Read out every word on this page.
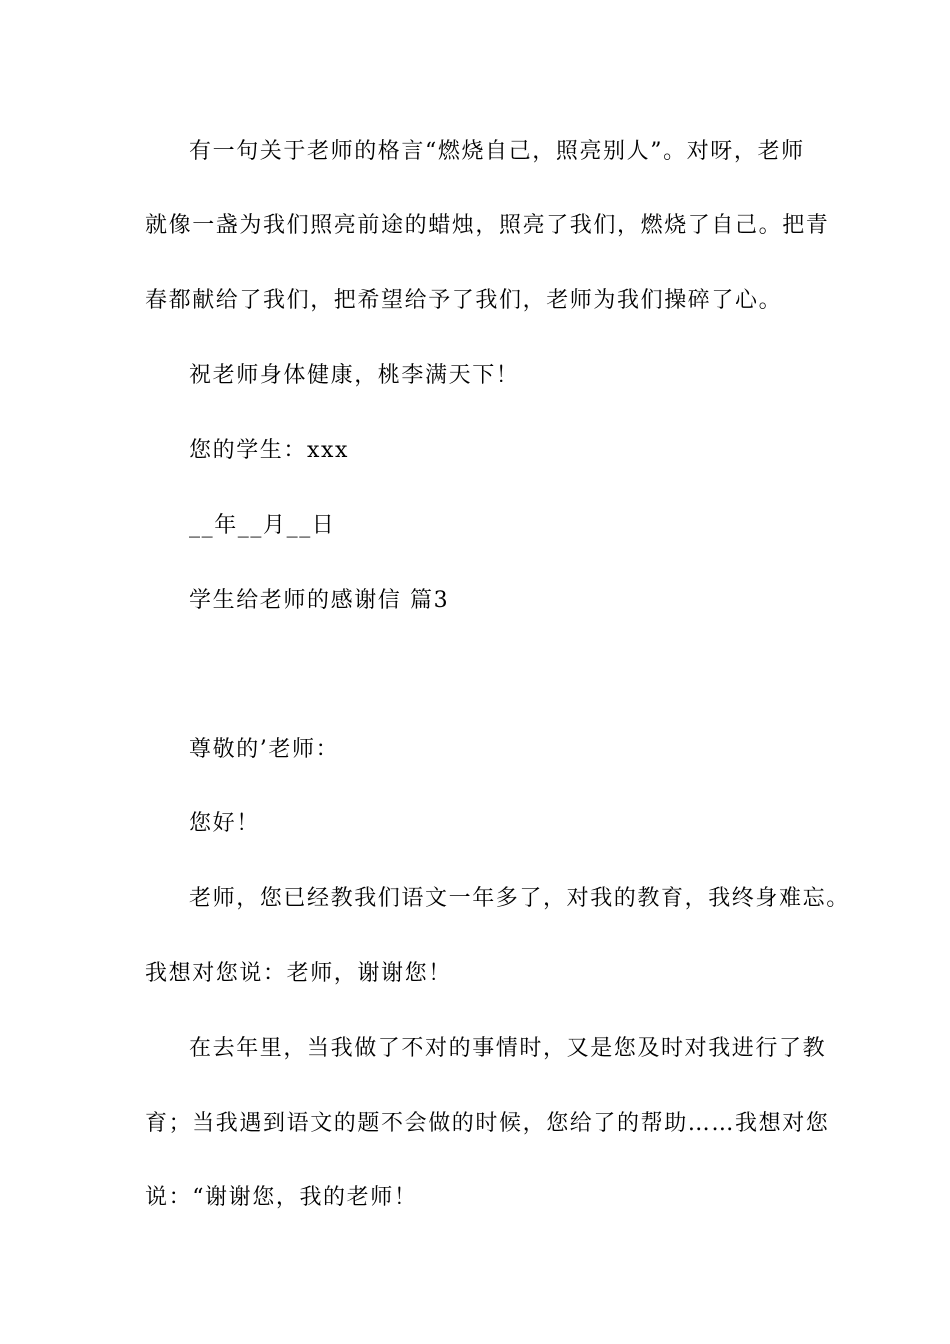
有一句关于老师的格言“燃烧自己，照亮别人”。对呀，老师
就像一盏为我们照亮前途的蜡烛，照亮了我们，燃烧了自己。把青
春都献给了我们，把希望给予了我们，老师为我们操碎了心。
祝老师身体健康，桃李满天下！
您的学生：xxx
__年__月__日
学生给老师的感谢信 篇3
尊敬的’老师：
您好！
老师，您已经教我们语文一年多了，对我的教育，我终身难忘。
我想对您说：老师，谢谢您！
在去年里，当我做了不对的事情时，又是您及时对我进行了教
育；当我遇到语文的题不会做的时候，您给了的帮助……我想对您
说：“谢谢您，我的老师！
